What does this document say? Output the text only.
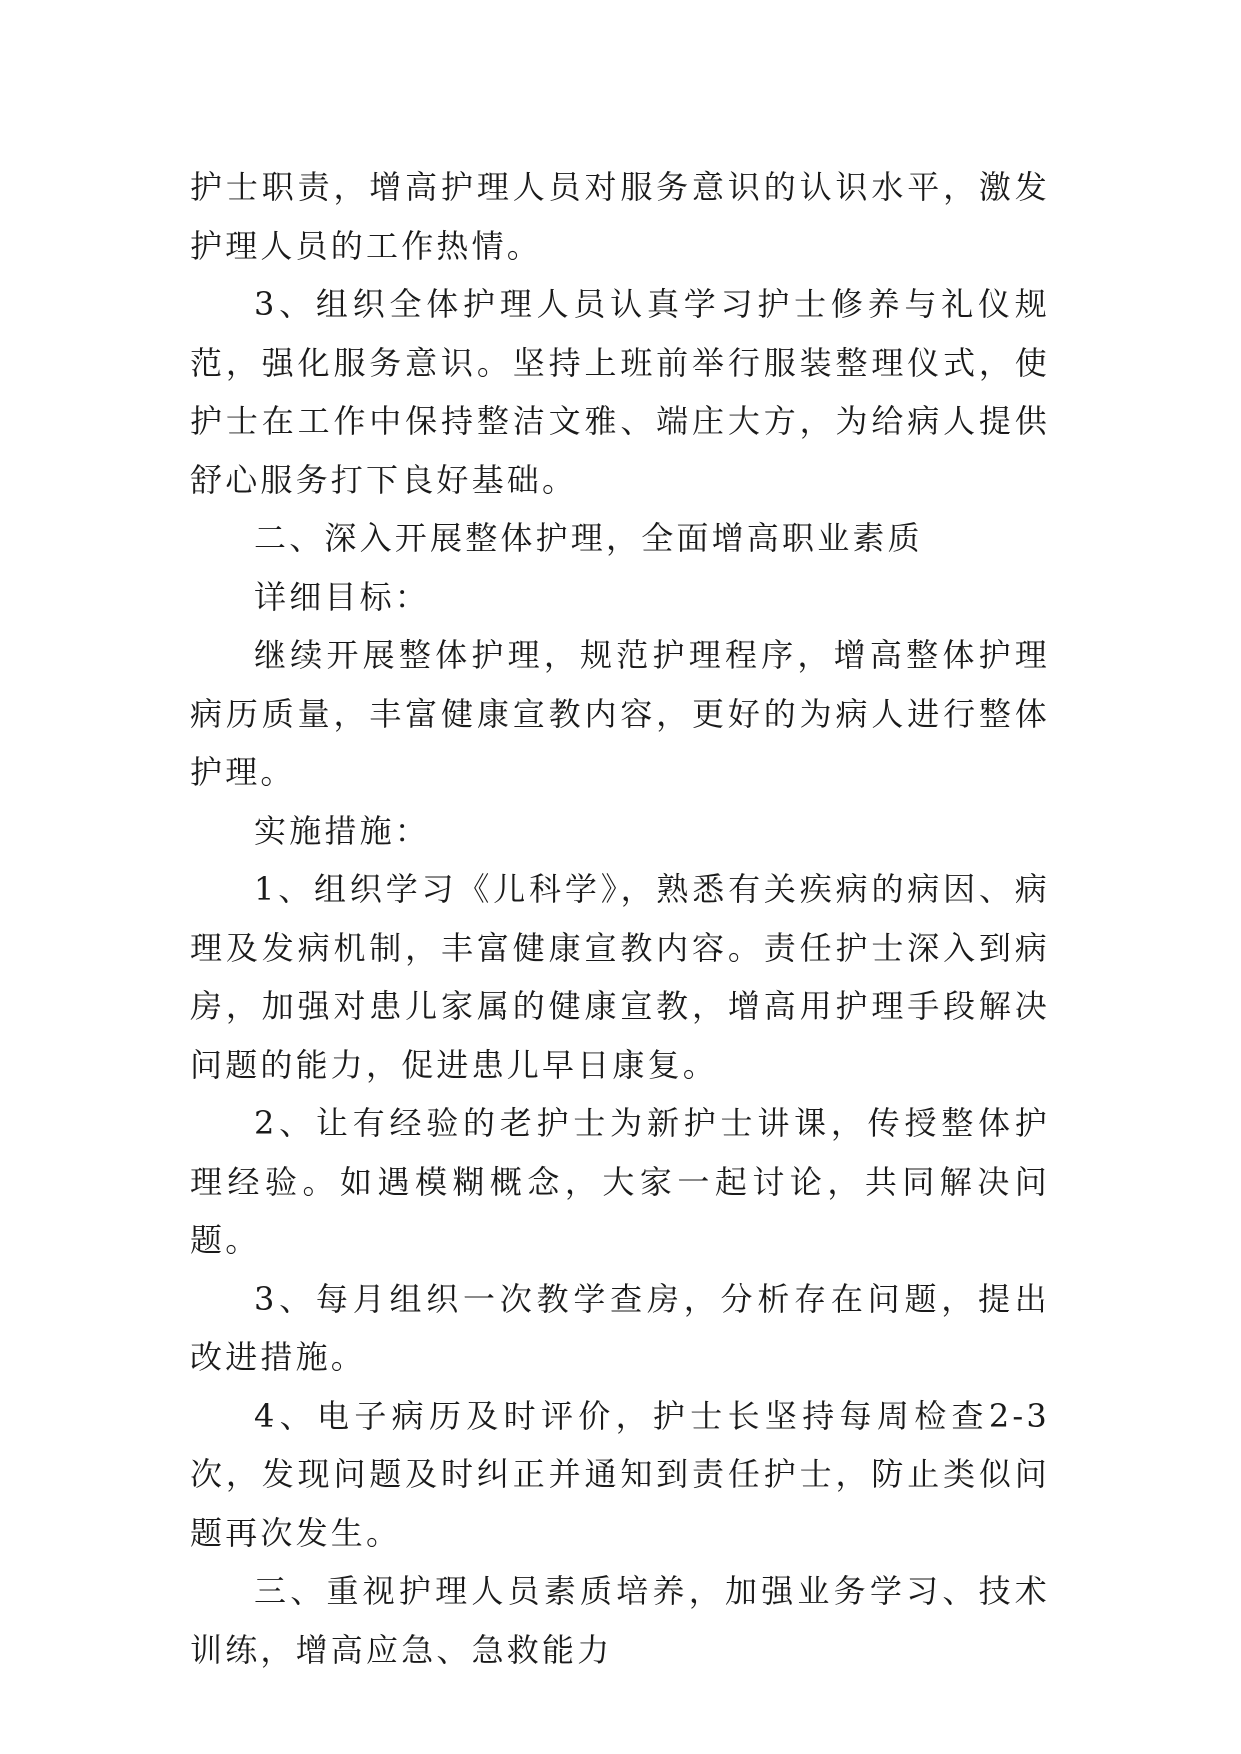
护士职责，增高护理人员对服务意识的认识水平，激发护理人员的工作热情。

3、组织全体护理人员认真学习护士修养与礼仪规范，强化服务意识。坚持上班前举行服装整理仪式，使护士在工作中保持整洁文雅、端庄大方，为给病人提供舒心服务打下良好基础。

二、深入开展整体护理，全面增高职业素质

详细目标：

继续开展整体护理，规范护理程序，增高整体护理病历质量，丰富健康宣教内容，更好的为病人进行整体护理。

实施措施：

1、组织学习《儿科学》，熟悉有关疾病的病因、病理及发病机制，丰富健康宣教内容。责任护士深入到病房，加强对患儿家属的健康宣教，增高用护理手段解决问题的能力，促进患儿早日康复。

2、让有经验的老护士为新护士讲课，传授整体护理经验。如遇模糊概念，大家一起讨论，共同解决问题。

3、每月组织一次教学查房，分析存在问题，提出改进措施。

4、电子病历及时评价，护士长坚持每周检查2-3次，发现问题及时纠正并通知到责任护士，防止类似问题再次发生。

三、重视护理人员素质培养，加强业务学习、技术训练，增高应急、急救能力
